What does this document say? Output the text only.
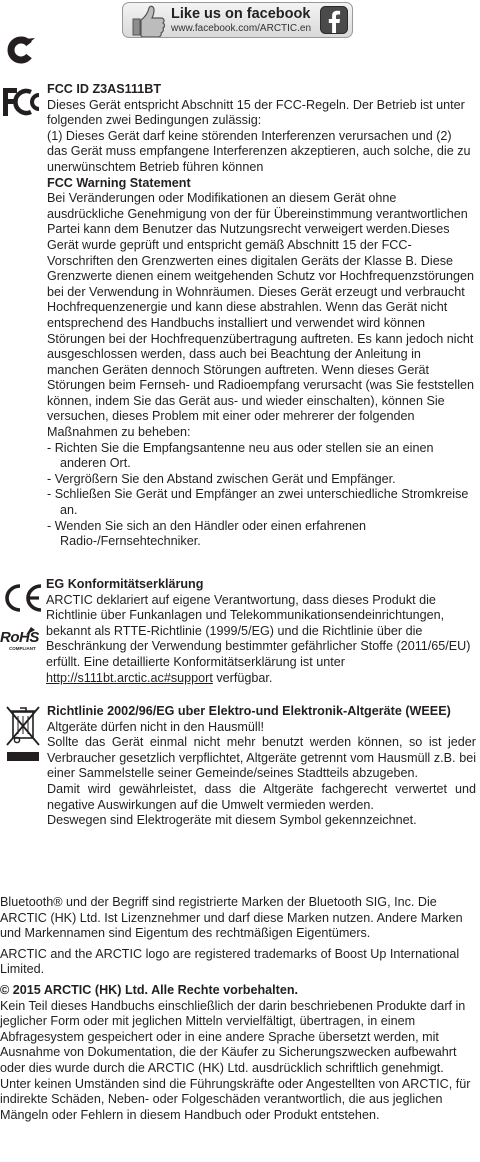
Like us on facebook
www.facebook.com/ARCTIC.en

FCC ID Z3AS111BT

Dieses Gerät entspricht Abschnitt 15 der FCC-Regeln. Der Betrieb ist unter folgenden zwei Bedingungen zulässig:

(1) Dieses Gerät darf keine störenden Interferenzen verursachen und (2) das Gerät muss empfangene Interferenzen akzeptieren, auch solche, die zu unerwünschtem Betrieb führen können

FCC Warning Statement

Bei Veränderungen oder Modifikationen an diesem Gerät ohne ausdrückliche Genehmigung von der für Übereinstimmung verantwortlichen Partei kann dem Benutzer das Nutzungsrecht verweigert werden.Dieses Gerät wurde geprüft und entspricht gemäß Abschnitt 15 der FCC-Vorschriften den Grenzwerten eines digitalen Geräts der Klasse B. Diese Grenzwerte dienen einem weitgehenden Schutz vor Hochfrequenzstörungen bei der Verwendung in Wohnräumen. Dieses Gerät erzeugt und verbraucht Hochfrequenzenergie und kann diese abstrahlen. Wenn das Gerät nicht entsprechend des Handbuchs installiert und verwendet wird können Störungen bei der Hochfrequenzübertragung auftreten. Es kann jedoch nicht ausgeschlossen werden, dass auch bei Beachtung der Anleitung in manchen Geräten dennoch Störungen auftreten. Wenn dieses Gerät Störungen beim Fernseh- und Radioempfang verursacht (was Sie feststellen können, indem Sie das Gerät aus- und wieder einschalten), können Sie versuchen, dieses Problem mit einer oder mehrerer der folgenden Maßnahmen zu beheben:

- Richten Sie die Empfangsantenne neu aus oder stellen sie an einen anderen Ort.

- Vergrößern Sie den Abstand zwischen Gerät und Empfänger.

- Schließen Sie Gerät und Empfänger an zwei unterschiedliche Stromkreise an.

- Wenden Sie sich an den Händler oder einen erfahrenen Radio-/Fernsehtechniker.

RoHS
COMPLIANT

EG Konformitätserklärung

ARCTIC deklariert auf eigene Verantwortung, dass dieses Produkt die Richtlinie über Funkanlagen und Telekommunikationsendeinrichtungen, bekannt als RTTE-Richtlinie (1999/5/EG) und die Richtlinie über die Beschränkung der Verwendung bestimmter gefährlicher Stoffe (2011/65/EU) erfüllt. Eine detaillierte Konformitätserklärung ist unter http://s111bt.arctic.ac#support verfügbar.

Richtlinie 2002/96/EG uber Elektro-und Elektronik-Altgeräte (WEEE)

Altgeräte dürfen nicht in den Hausmüll!

Sollte das Gerät einmal nicht mehr benutzt werden können, so ist jeder Verbraucher gesetzlich verpflichtet, Altgeräte getrennt vom Hausmüll z.B. bei einer Sammelstelle seiner Gemeinde/seines Stadtteils abzugeben.

Damit wird gewährleistet, dass die Altgeräte fachgerecht verwertet und negative Auswirkungen auf die Umwelt vermieden werden.

Deswegen sind Elektrogeräte mit diesem Symbol gekennzeichnet.

Bluetooth® und der Begriff sind registrierte Marken der Bluetooth SIG, Inc. Die ARCTIC (HK) Ltd. Ist Lizenznehmer und darf diese Marken nutzen. Andere Marken und Markennamen sind Eigentum des rechtmäßigen Eigentümers.

ARCTIC and the ARCTIC logo are registered trademarks of Boost Up International Limited.

© 2015 ARCTIC (HK) Ltd. Alle Rechte vorbehalten.

Kein Teil dieses Handbuchs einschließlich der darin beschriebenen Produkte darf in jeglicher Form oder mit jeglichen Mitteln vervielfältigt, übertragen, in einem Abfragesystem gespeichert oder in eine andere Sprache übersetzt werden, mit Ausnahme von Dokumentation, die der Käufer zu Sicherungszwecken aufbewahrt oder dies wurde durch die ARCTIC (HK) Ltd. ausdrücklich schriftlich genehmigt. Unter keinen Umständen sind die Führungskräfte oder Angestellten von ARCTIC, für indirekte Schäden, Neben- oder Folgeschäden verantwortlich, die aus jeglichen Mängeln oder Fehlern in diesem Handbuch oder Produkt entstehen.
